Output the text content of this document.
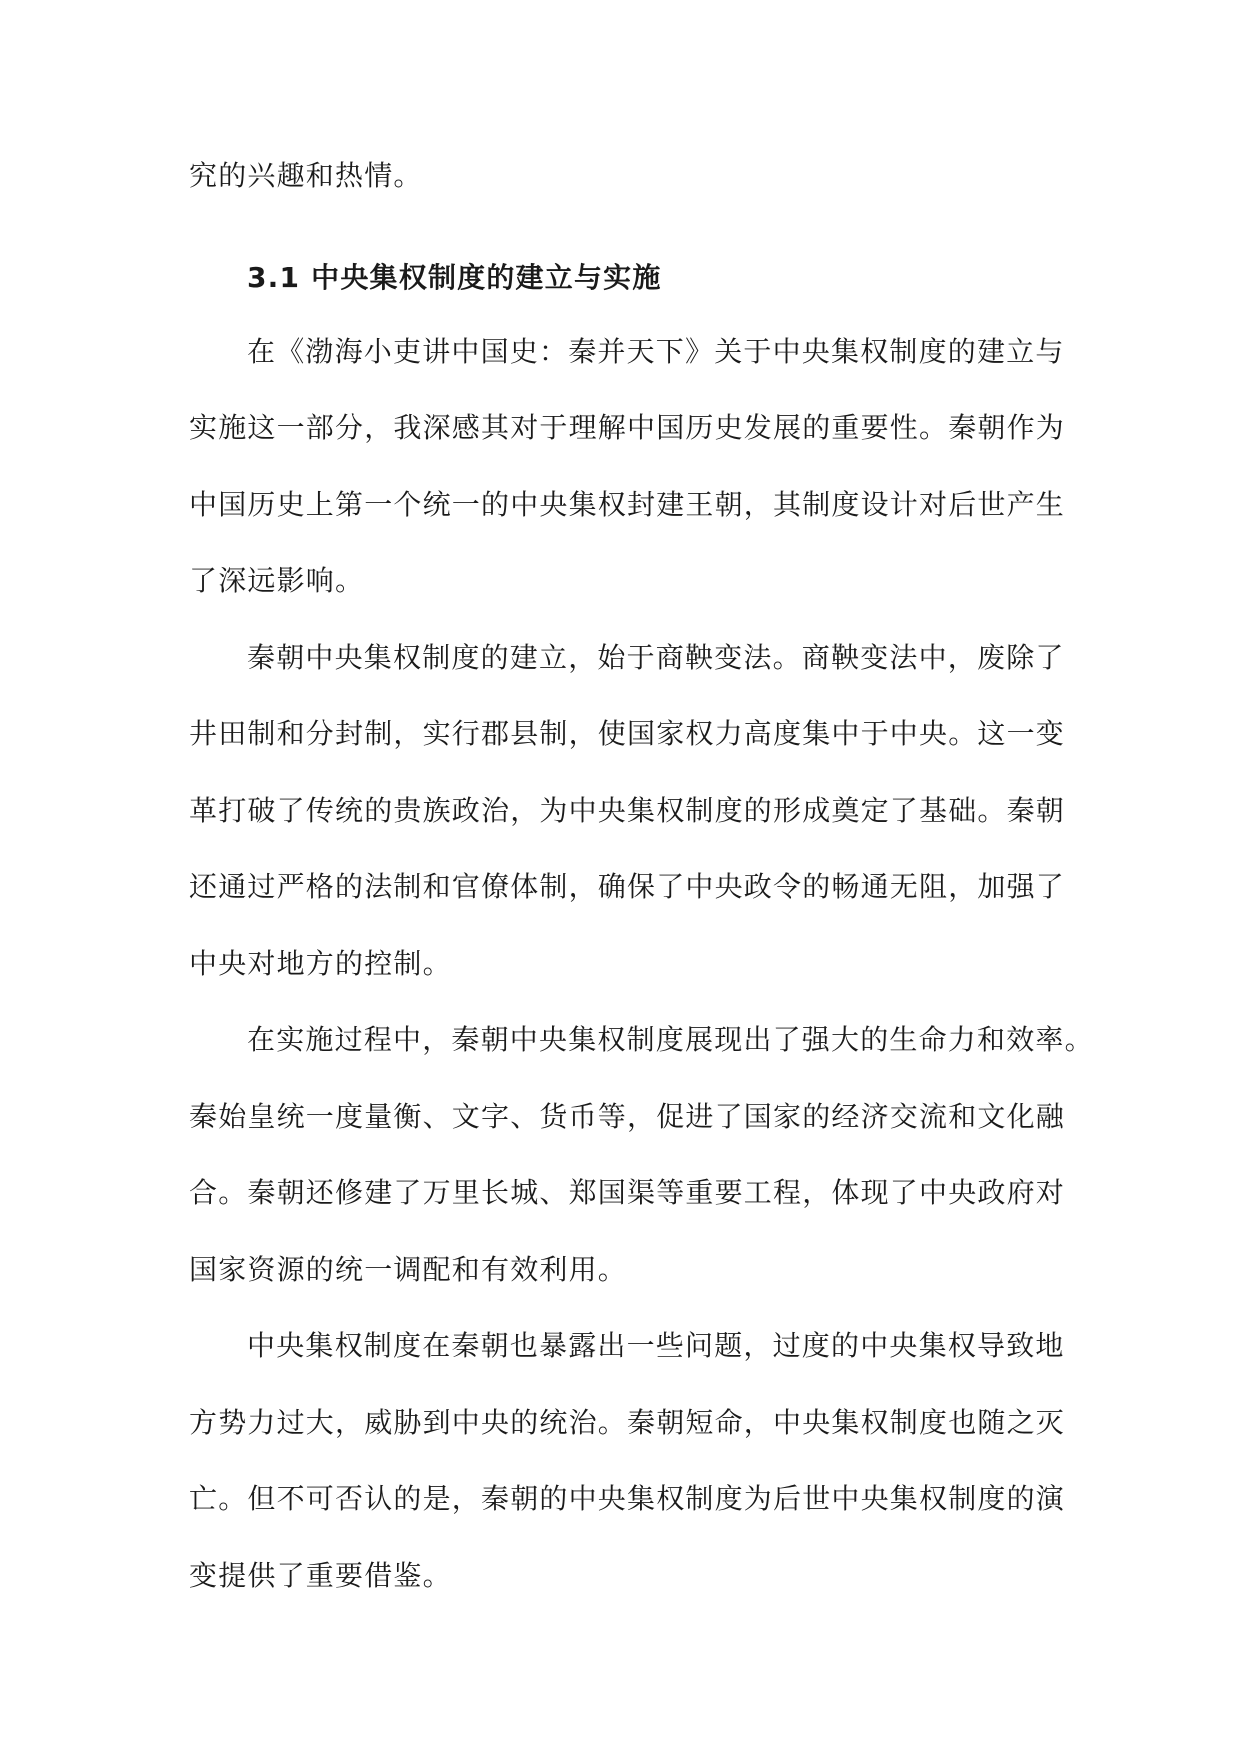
究的兴趣和热情。
3.1 中央集权制度的建立与实施
在《渤海小吏讲中国史：秦并天下》关于中央集权制度的建立与
实施这一部分，我深感其对于理解中国历史发展的重要性。秦朝作为
中国历史上第一个统一的中央集权封建王朝，其制度设计对后世产生
了深远影响。
秦朝中央集权制度的建立，始于商鞅变法。商鞅变法中，废除了
井田制和分封制，实行郡县制，使国家权力高度集中于中央。这一变
革打破了传统的贵族政治，为中央集权制度的形成奠定了基础。秦朝
还通过严格的法制和官僚体制，确保了中央政令的畅通无阻，加强了
中央对地方的控制。
在实施过程中，秦朝中央集权制度展现出了强大的生命力和效率。
秦始皇统一度量衡、文字、货币等，促进了国家的经济交流和文化融
合。秦朝还修建了万里长城、郑国渠等重要工程，体现了中央政府对
国家资源的统一调配和有效利用。
中央集权制度在秦朝也暴露出一些问题，过度的中央集权导致地
方势力过大，威胁到中央的统治。秦朝短命，中央集权制度也随之灭
亡。但不可否认的是，秦朝的中央集权制度为后世中央集权制度的演
变提供了重要借鉴。
